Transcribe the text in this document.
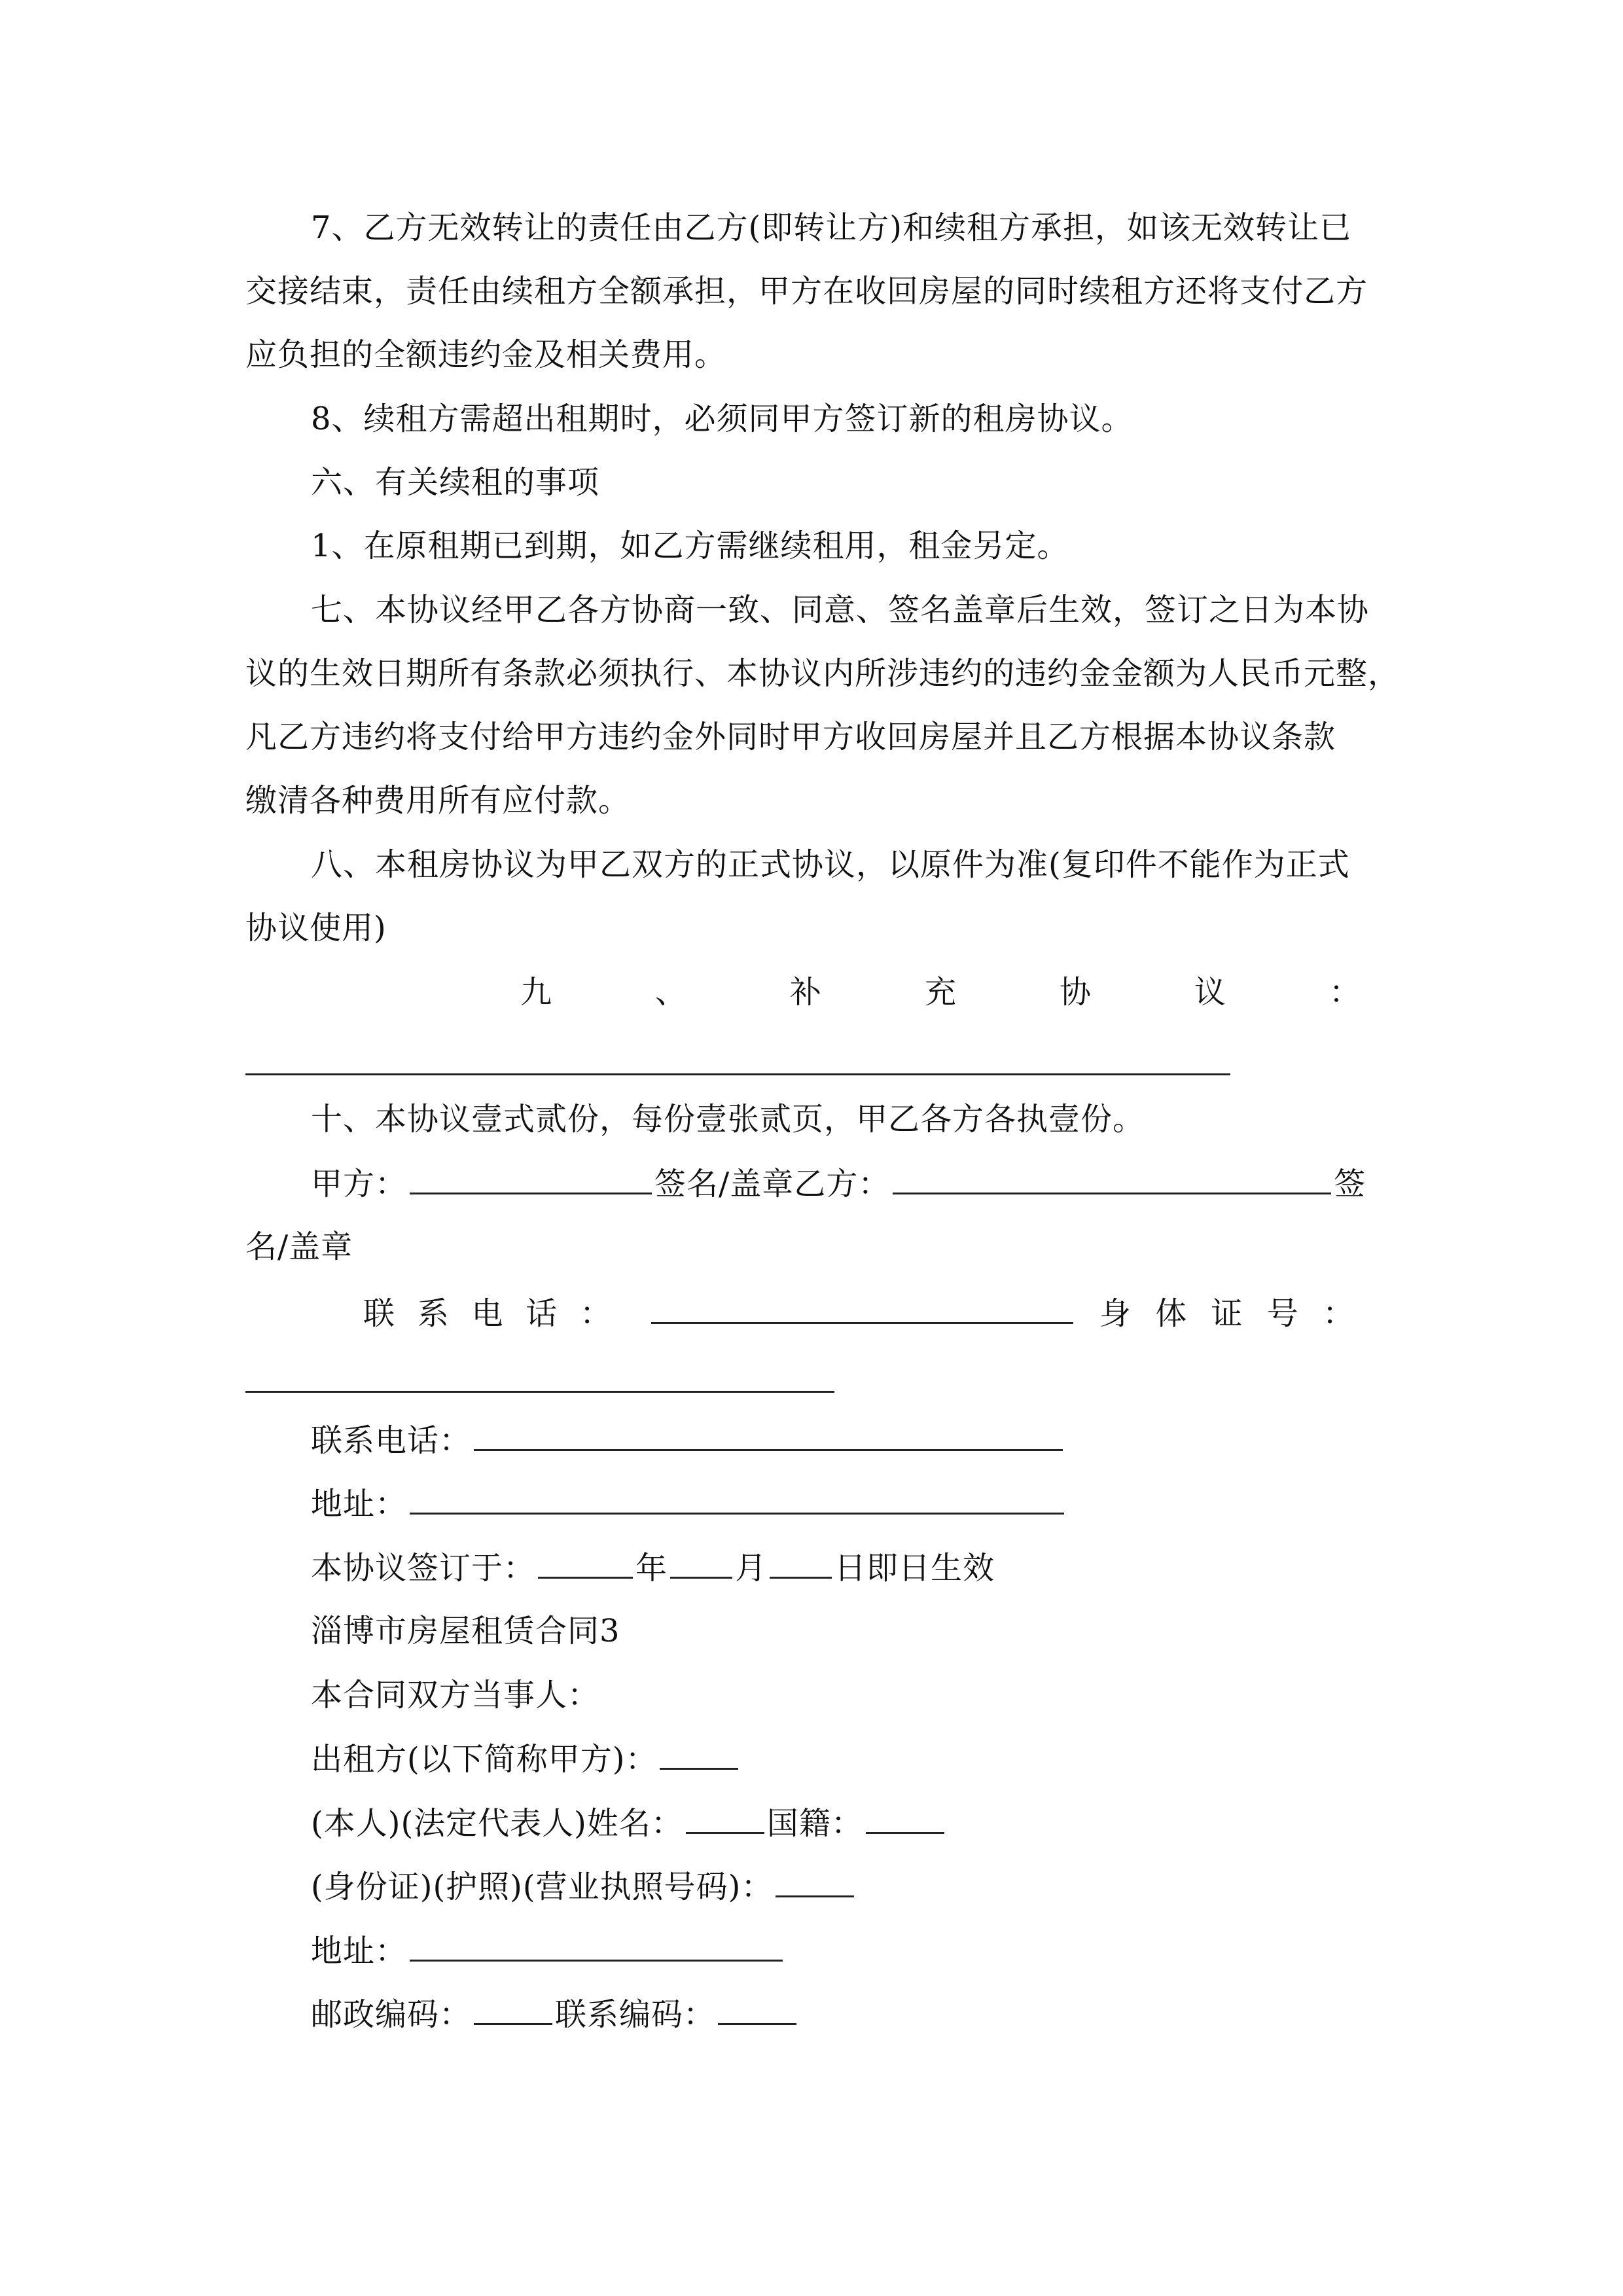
7、乙方无效转让的责任由乙方(即转让方)和续租方承担，如该无效转让已
交接结束，责任由续租方全额承担，甲方在收回房屋的同时续租方还将支付乙方
应负担的全额违约金及相关费用。
8、续租方需超出租期时，必须同甲方签订新的租房协议。
六、有关续租的事项
1、在原租期已到期，如乙方需继续租用，租金另定。
七、本协议经甲乙各方协商一致、同意、签名盖章后生效，签订之日为本协
议的生效日期所有条款必须执行、本协议内所涉违约的违约金金额为人民币元整，
凡乙方违约将支付给甲方违约金外同时甲方收回房屋并且乙方根据本协议条款
缴清各种费用所有应付款。
八、本租房协议为甲乙双方的正式协议，以原件为准(复印件不能作为正式
协议使用)
九	、	补	充	协	议	：
十、本协议壹式贰份，每份壹张贰页，甲乙各方各执壹份。
甲方：	签名/盖章乙方：	签
名/盖章
联 系 电 话 ：	身 体 证 号 ：
联系电话：
地址：
本协议签订于：	年 月 日即日生效
淄博市房屋租赁合同3
本合同双方当事人：
出租方(以下简称甲方)：
(本人)(法定代表人)姓名：	国籍：
(身份证)(护照)(营业执照号码)：
地址：
邮政编码：	联系编码：
